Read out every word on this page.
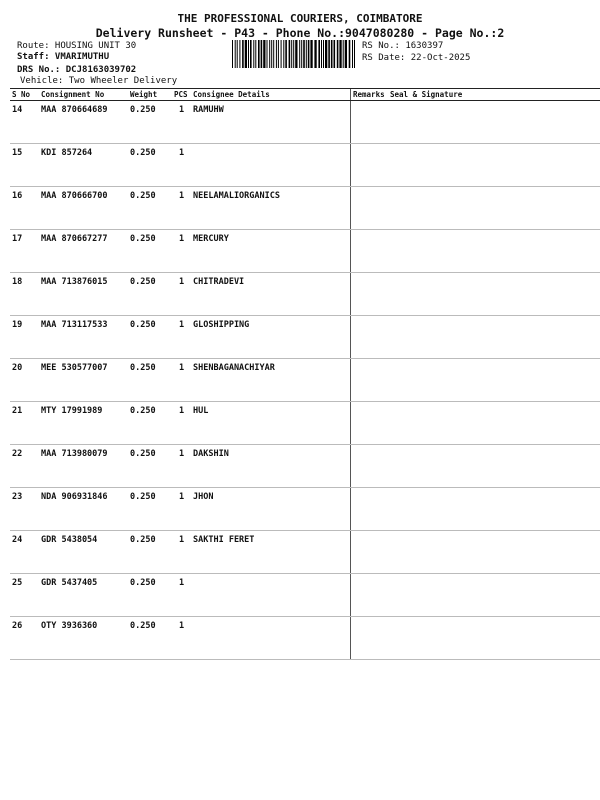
THE PROFESSIONAL COURIERS, COIMBATORE
Delivery Runsheet - P43 - Phone No.:9047080280 - Page No.:2
Route: HOUSING UNIT 30
Staff: VMARIMUTHU
DRS No.: DCJ8163039702
Vehicle: Two Wheeler Delivery
RS No.: 1630397
RS Date: 22-Oct-2025
S No	Consignment No	Weight	PCS	Consignee Details	Remarks	Seal & Signature
14	MAA 870664689	0.250	1	RAMUHW		
15	KDI 857264	0.250	1			
16	MAA 870666700	0.250	1	NEELAMALIORGANICS		
17	MAA 870667277	0.250	1	MERCURY		
18	MAA 713876015	0.250	1	CHITRADEVI		
19	MAA 713117533	0.250	1	GLOSHIPPING		
20	MEE 530577007	0.250	1	SHENBAGANACHIYAR		
21	MTY 17991989	0.250	1	HUL		
22	MAA 713980079	0.250	1	DAKSHIN		
23	NDA 906931846	0.250	1	JHON		
24	GDR 5438054	0.250	1	SAKTHI FERET		
25	GDR 5437405	0.250	1			
26	OTY 3936360	0.250	1			
